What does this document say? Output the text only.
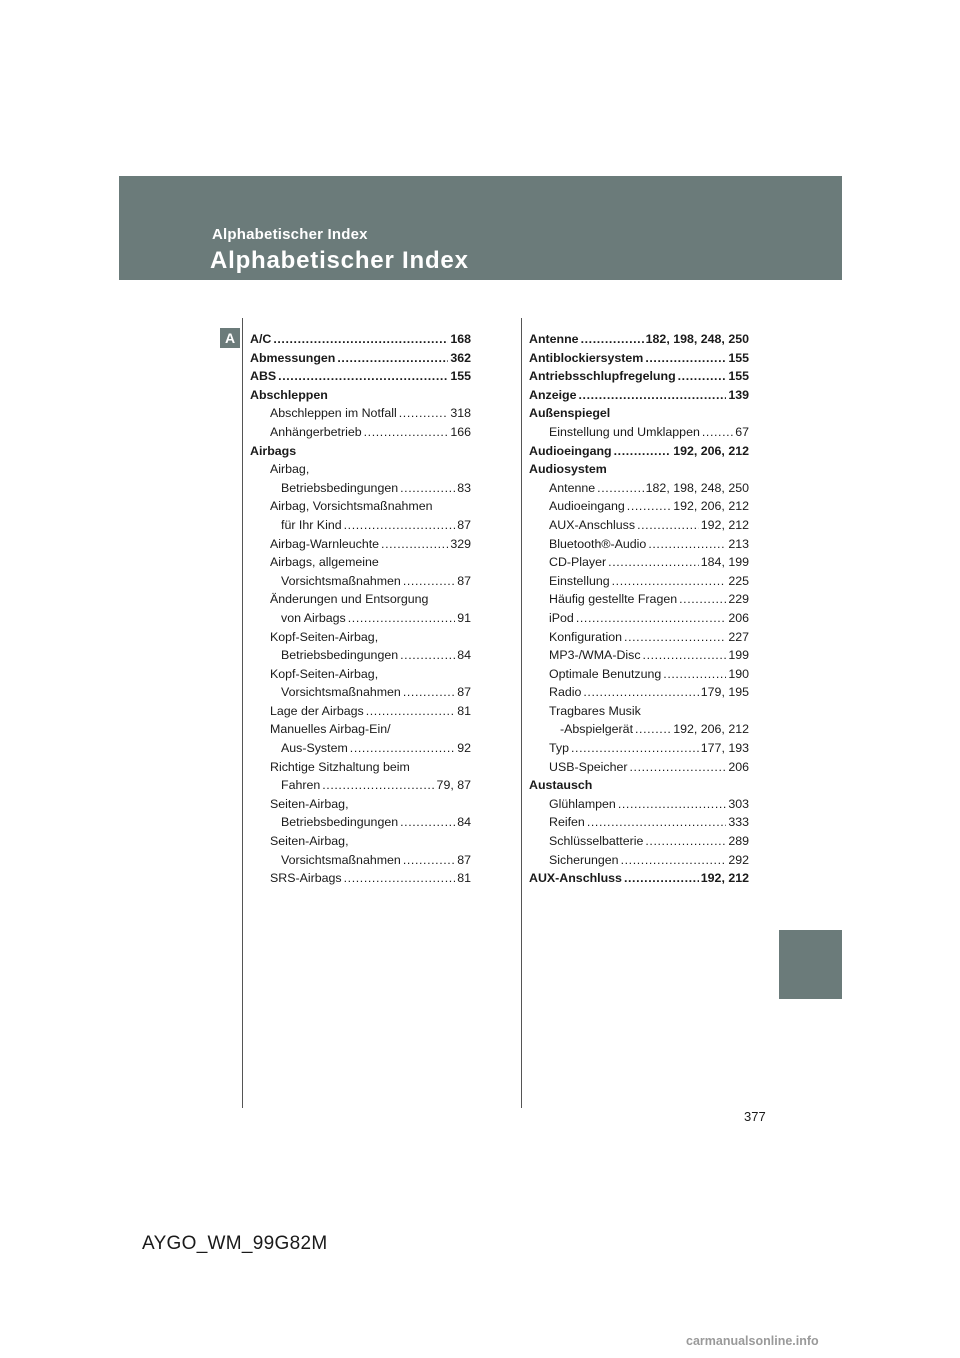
Alphabetischer Index
Alphabetischer Index
A	A/C .....	168
Abmessungen .....	362
ABS .....	155
Abschleppen
Abschleppen im Notfall .....	318
Anhängerbetrieb .....	166
Airbags
Airbag,
Betriebsbedingungen .....	83
Airbag, Vorsichtsmaßnahmen
für Ihr Kind .....	87
Airbag-Warnleuchte .....	329
Airbags, allgemeine
Vorsichtsmaßnahmen .....	87
Änderungen und Entsorgung
von Airbags .....	91
Kopf-Seiten-Airbag,
Betriebsbedingungen .....	84
Kopf-Seiten-Airbag,
Vorsichtsmaßnahmen .....	87
Lage der Airbags .....	81
Manuelles Airbag-Ein/
Aus-System .....	92
Richtige Sitzhaltung beim
Fahren .....	79, 87
Seiten-Airbag,
Betriebsbedingungen .....	84
Seiten-Airbag,
Vorsichtsmaßnahmen .....	87
SRS-Airbags .....	81
Antenne .....	182, 198, 248, 250
Antiblockiersystem .....	155
Antriebsschlupfregelung .....	155
Anzeige .....	139
Außenspiegel
Einstellung und Umklappen .....	67
Audioeingang .....	192, 206, 212
Audiosystem
Antenne .....	182, 198, 248, 250
Audioeingang .....	192, 206, 212
AUX-Anschluss .....	192, 212
Bluetooth®-Audio .....	213
CD-Player .....	184, 199
Einstellung .....	225
Häufig gestellte Fragen .....	229
iPod .....	206
Konfiguration .....	227
MP3-/WMA-Disc .....	199
Optimale Benutzung .....	190
Radio .....	179, 195
Tragbares Musik
-Abspielgerät .....	192, 206, 212
Typ .....	177, 193
USB-Speicher .....	206
Austausch
Glühlampen .....	303
Reifen .....	333
Schlüsselbatterie .....	289
Sicherungen .....	292
AUX-Anschluss .....	192, 212
377
AYGO_WM_99G82M
carmanualsonline.info
